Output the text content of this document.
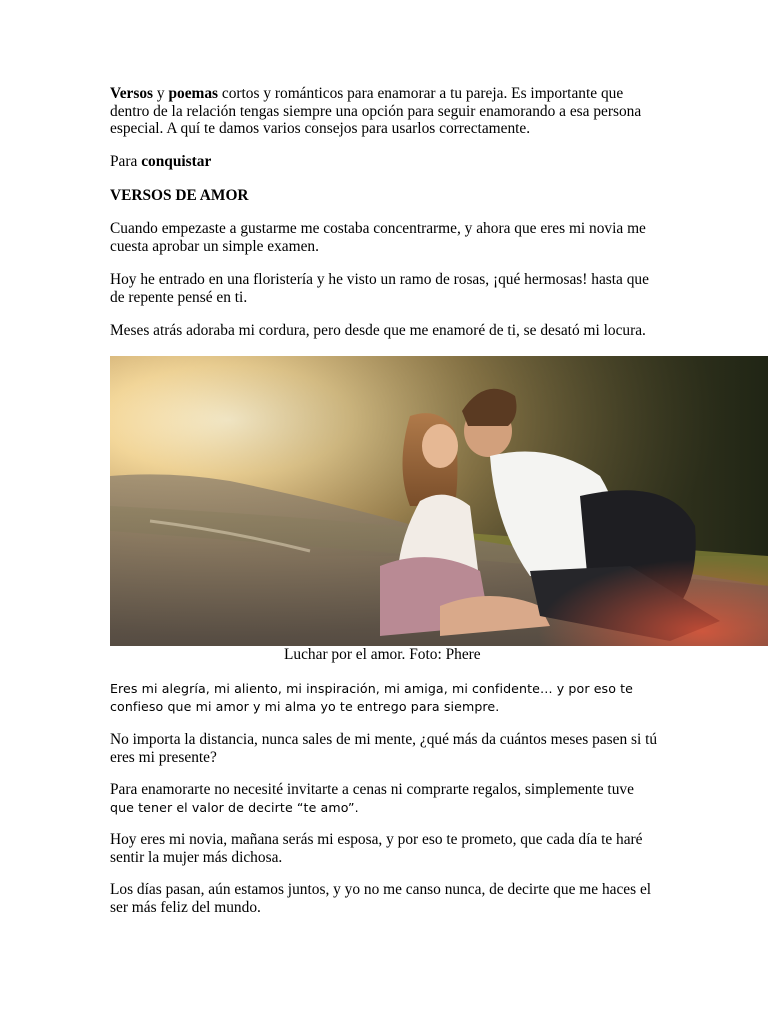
Versos y poemas cortos y románticos para enamorar a tu pareja. Es importante que dentro de la relación tengas siempre una opción para seguir enamorando a esa persona especial. A quí te damos varios consejos para usarlos correctamente.

Para conquistar

VERSOS DE AMOR

Cuando empezaste a gustarme me costaba concentrarme, y ahora que eres mi novia me cuesta aprobar un simple examen.

Hoy he entrado en una floristería y he visto un ramo de rosas, ¡qué hermosas! hasta que de repente pensé en ti.

Meses atrás adoraba mi cordura, pero desde que me enamoré de ti, se desató mi locura.

Luchar por el amor. Foto: Phere

Eres mi alegría, mi aliento, mi inspiración, mi amiga, mi confidente… y por eso te confieso que mi amor y mi alma yo te entrego para siempre.

No importa la distancia, nunca sales de mi mente, ¿qué más da cuántos meses pasen si tú eres mi presente?

Para enamorarte no necesité invitarte a cenas ni comprarte regalos, simplemente tuve
que tener el valor de decirte “te amo”.

Hoy eres mi novia, mañana serás mi esposa, y por eso te prometo, que cada día te haré sentir la mujer más dichosa.

Los días pasan, aún estamos juntos, y yo no me canso nunca, de decirte que me haces el ser más feliz del mundo.
